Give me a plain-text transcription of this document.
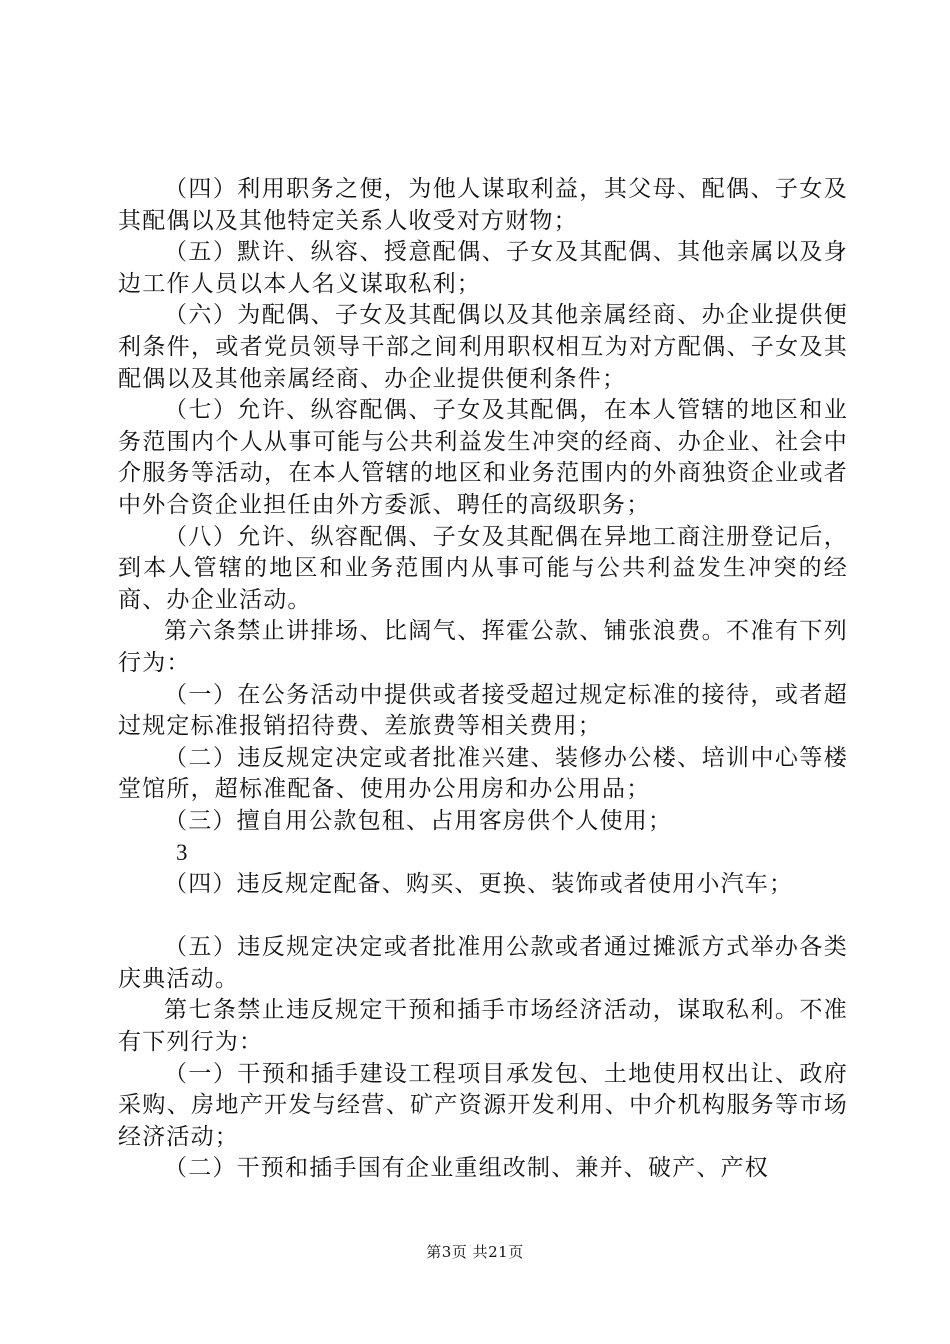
（四）利用职务之便，为他人谋取利益，其父母、配偶、子女及其配偶以及其他特定关系人收受对方财物；

（五）默许、纵容、授意配偶、子女及其配偶、其他亲属以及身边工作人员以本人名义谋取私利；

（六）为配偶、子女及其配偶以及其他亲属经商、办企业提供便利条件，或者党员领导干部之间利用职权相互为对方配偶、子女及其配偶以及其他亲属经商、办企业提供便利条件；

（七）允许、纵容配偶、子女及其配偶，在本人管辖的地区和业务范围内个人从事可能与公共利益发生冲突的经商、办企业、社会中介服务等活动，在本人管辖的地区和业务范围内的外商独资企业或者中外合资企业担任由外方委派、聘任的高级职务；

（八）允许、纵容配偶、子女及其配偶在异地工商注册登记后，到本人管辖的地区和业务范围内从事可能与公共利益发生冲突的经商、办企业活动。

第六条禁止讲排场、比阔气、挥霍公款、铺张浪费。不准有下列行为：

（一）在公务活动中提供或者接受超过规定标准的接待，或者超过规定标准报销招待费、差旅费等相关费用；

（二）违反规定决定或者批准兴建、装修办公楼、培训中心等楼堂馆所，超标准配备、使用办公用房和办公用品；

（三）擅自用公款包租、占用客房供个人使用；

3

（四）违反规定配备、购买、更换、装饰或者使用小汽车；

（五）违反规定决定或者批准用公款或者通过摊派方式举办各类庆典活动。

第七条禁止违反规定干预和插手市场经济活动，谋取私利。不准有下列行为：

（一）干预和插手建设工程项目承发包、土地使用权出让、政府采购、房地产开发与经营、矿产资源开发利用、中介机构服务等市场经济活动；

（二）干预和插手国有企业重组改制、兼并、破产、产权

第3页 共21页
